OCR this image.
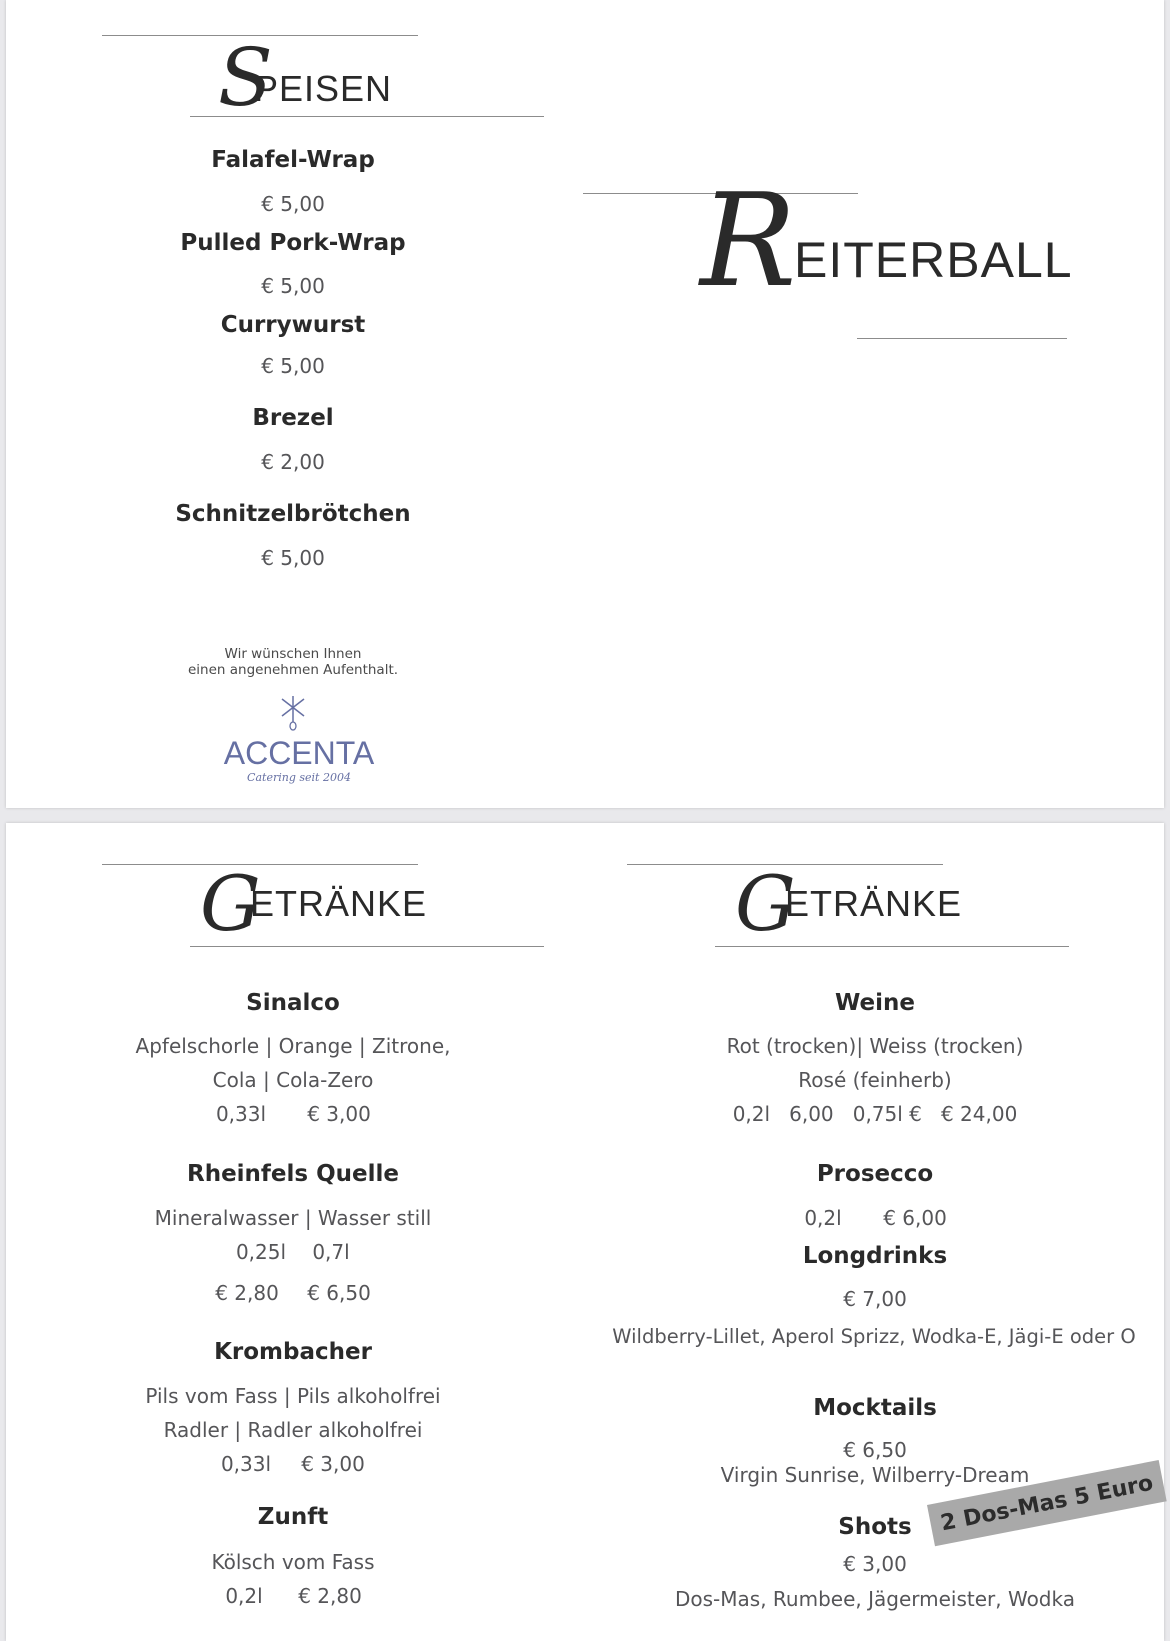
S
PEISEN
Falafel-Wrap
€ 5,00
Pulled Pork-Wrap
€ 5,00
Currywurst
€ 5,00
Brezel
€ 2,00
Schnitzelbrötchen
€ 5,00
Wir wünschen Ihnen
einen angenehmen Aufenthalt.
ACCENTA
Catering seit 2004
R
EITERBALL
G
ETRÄNKE	G
ETRÄNKE
Sinalco
Apfelschorle | Orange | Zitrone,
Cola | Cola-Zero
0,33l € 3,00
Rheinfels Quelle
Mineralwasser | Wasser still
0,25l 0,7l
€ 2,80 € 6,50
Krombacher
Pils vom Fass | Pils alkoholfrei
Radler | Radler alkoholfrei
0,33l € 3,00
Zunft
Kölsch vom Fass
0,2l € 2,80
Weine
Rot (trocken)| Weiss (trocken)
Rosé (feinherb)
0,2l   6,00   0,75l €   € 24,00
Prosecco
0,2l € 6,00
Longdrinks
€ 7,00
Wildberry-Lillet, Aperol Sprizz, Wodka-E, Jägi-E oder O
Mocktails
€ 6,50
Virgin Sunrise, Wilberry-Dream
Shots
€ 3,00
Dos-Mas, Rumbee, Jägermeister, Wodka
2 Dos-Mas 5 Euro
